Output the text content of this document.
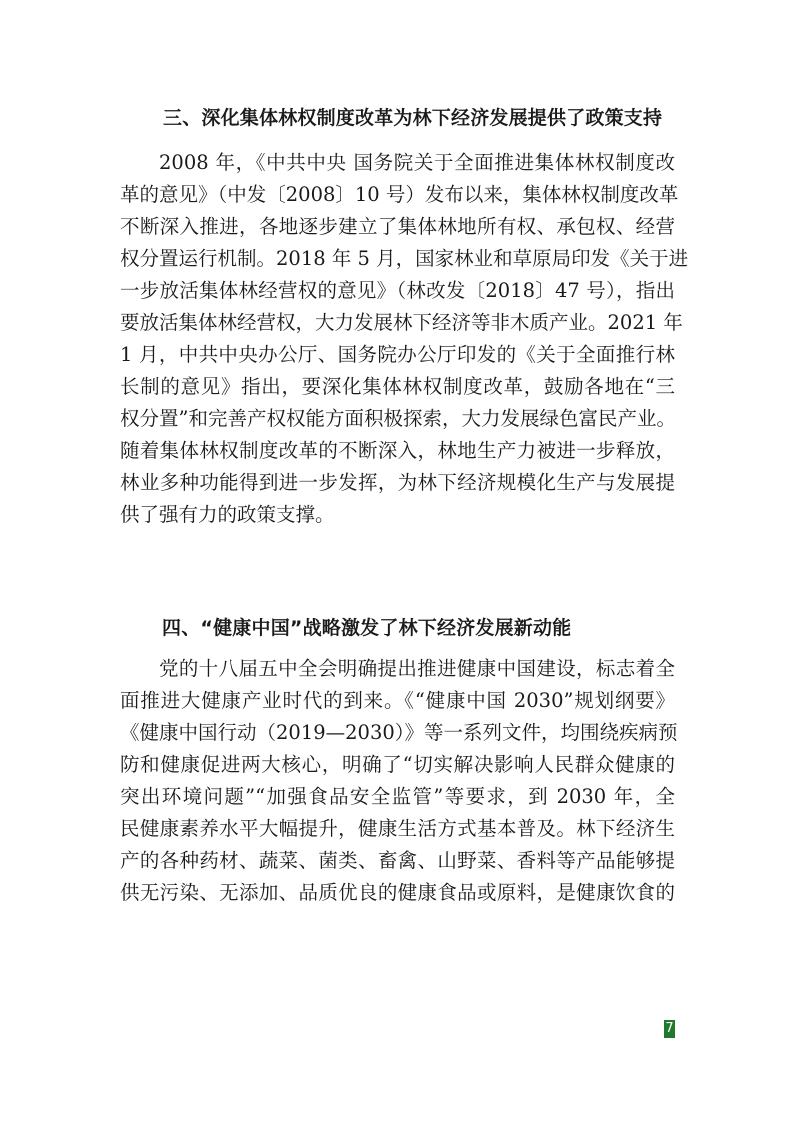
三、深化集体林权制度改革为林下经济发展提供了政策支持
2008 年，《中共中央 国务院关于全面推进集体林权制度改
革的意见》（中发〔2008〕10 号）发布以来，集体林权制度改革
不断深入推进，各地逐步建立了集体林地所有权、承包权、经营
权分置运行机制。2018 年 5 月，国家林业和草原局印发《关于进
一步放活集体林经营权的意见》（林改发〔2018〕47 号），指出
要放活集体林经营权，大力发展林下经济等非木质产业。2021 年
1 月，中共中央办公厅、国务院办公厅印发的《关于全面推行林
长制的意见》指出，要深化集体林权制度改革，鼓励各地在“三
权分置”和完善产权权能方面积极探索，大力发展绿色富民产业。
随着集体林权制度改革的不断深入，林地生产力被进一步释放，
林业多种功能得到进一步发挥，为林下经济规模化生产与发展提
供了强有力的政策支撑。
四、“健康中国”战略激发了林下经济发展新动能
党的十八届五中全会明确提出推进健康中国建设，标志着全
面推进大健康产业时代的到来。《“健康中国 2030”规划纲要》
《健康中国行动（2019—2030）》等一系列文件，均围绕疾病预
防和健康促进两大核心，明确了“切实解决影响人民群众健康的
突出环境问题”“加强食品安全监管”等要求，到 2030 年，全
民健康素养水平大幅提升，健康生活方式基本普及。林下经济生
产的各种药材、蔬菜、菌类、畜禽、山野菜、香料等产品能够提
供无污染、无添加、品质优良的健康食品或原料，是健康饮食的
7
